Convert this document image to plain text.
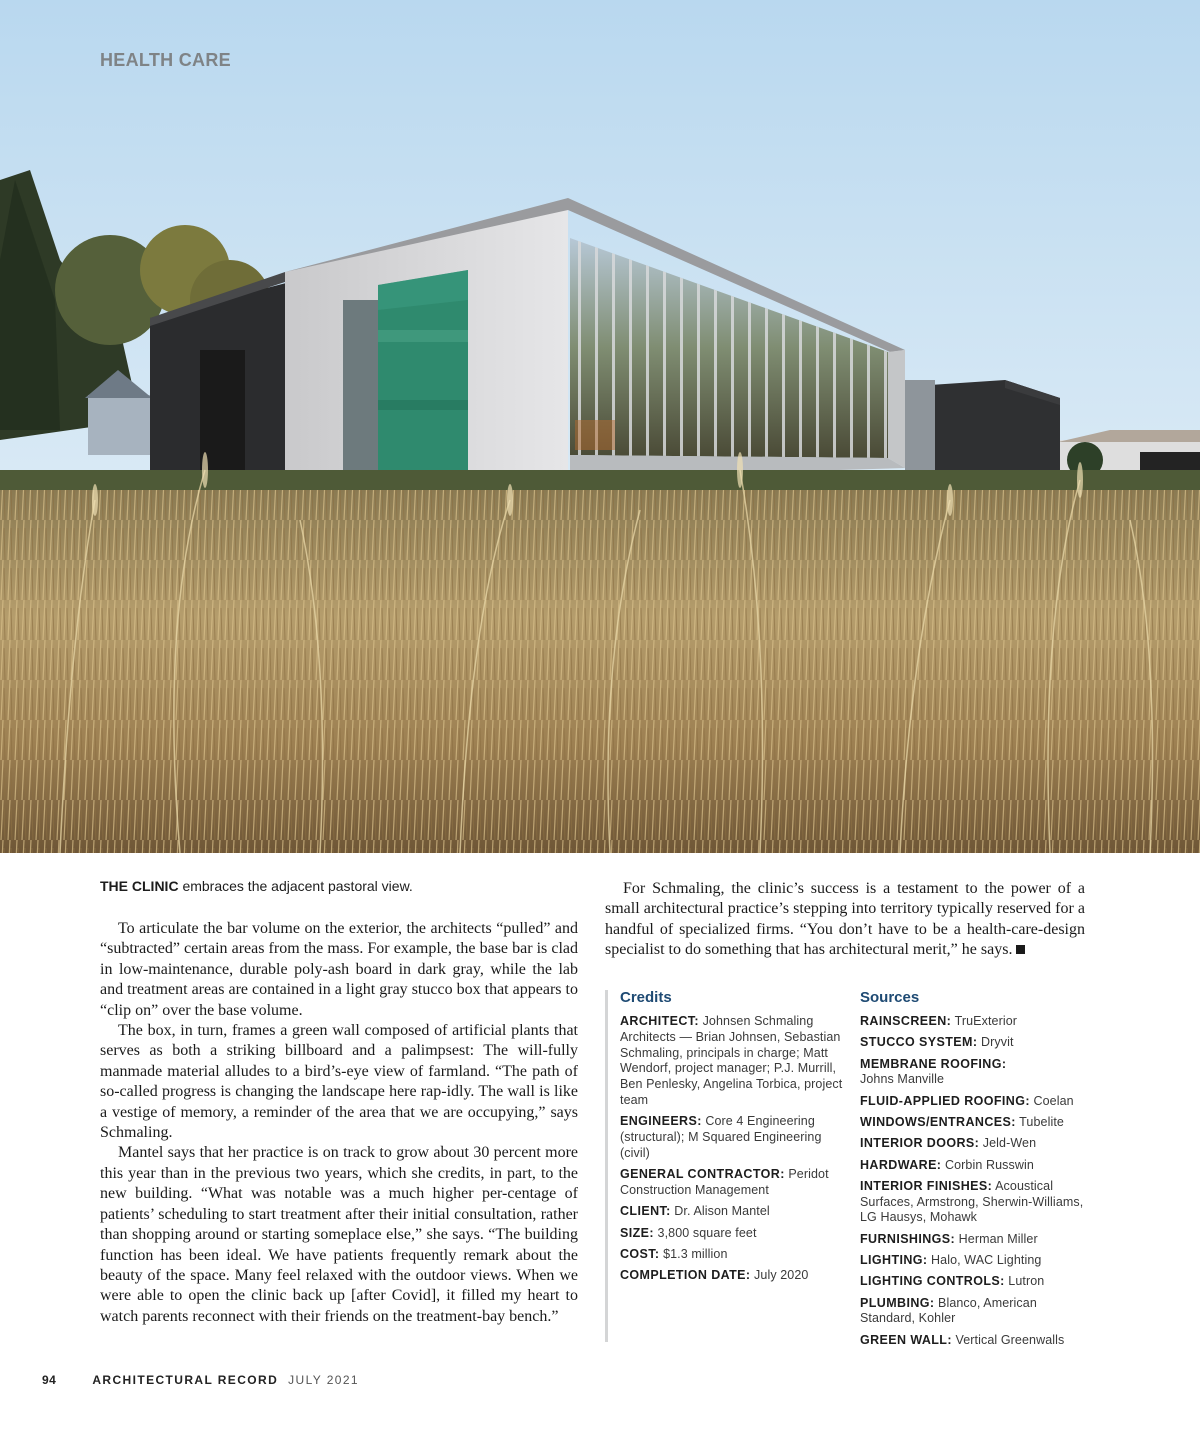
HEALTH CARE
THE CLINIC embraces the adjacent pastoral view.

To articulate the bar volume on the exterior, the architects “pulled” and “subtracted” certain areas from the mass. For example, the base bar is clad in low-maintenance, durable poly-ash board in dark gray, while the lab and treatment areas are contained in a light gray stucco box that appears to “clip on” over the base volume.

The box, in turn, frames a green wall composed of artificial plants that serves as both a striking billboard and a palimpsest: The will-fully manmade material alludes to a bird’s-eye view of farmland. “The path of so-called progress is changing the landscape here rap-idly. The wall is like a vestige of memory, a reminder of the area that we are occupying,” says Schmaling.

Mantel says that her practice is on track to grow about 30 percent more this year than in the previous two years, which she credits, in part, to the new building. “What was notable was a much higher per-centage of patients’ scheduling to start treatment after their initial consultation, rather than shopping around or starting someplace else,” she says. “The building function has been ideal. We have patients frequently remark about the beauty of the space. Many feel relaxed with the outdoor views. When we were able to open the clinic back up [after Covid], it filled my heart to watch parents reconnect with their friends on the treatment-bay bench.”

For Schmaling, the clinic’s success is a testament to the power of a small architectural practice’s stepping into territory typically reserved for a handful of specialized firms. “You don’t have to be a health-care-design specialist to do something that has architectural merit,” he says.

Credits
ARCHITECT: Johnsen Schmaling Architects — Brian Johnsen, Sebastian Schmaling, principals in charge; Matt Wendorf, project manager; P.J. Murrill, Ben Penlesky, Angelina Torbica, project team
ENGINEERS: Core 4 Engineering (structural); M Squared Engineering (civil)
GENERAL CONTRACTOR: Peridot Construction Management
CLIENT: Dr. Alison Mantel
SIZE: 3,800 square feet
COST: $1.3 million
COMPLETION DATE: July 2020
Sources
RAINSCREEN: TruExterior
STUCCO SYSTEM: Dryvit
MEMBRANE ROOFING:
Johns Manville
FLUID-APPLIED ROOFING: Coelan
WINDOWS/ENTRANCES: Tubelite
INTERIOR DOORS: Jeld-Wen
HARDWARE: Corbin Russwin
INTERIOR FINISHES: Acoustical Surfaces, Armstrong, Sherwin-Williams, LG Hausys, Mohawk
FURNISHINGS: Herman Miller
LIGHTING: Halo, WAC Lighting
LIGHTING CONTROLS: Lutron
PLUMBING: Blanco, American Standard, Kohler
GREEN WALL: Vertical Greenwalls
94	ARCHITECTURAL RECORD JULY 2021
